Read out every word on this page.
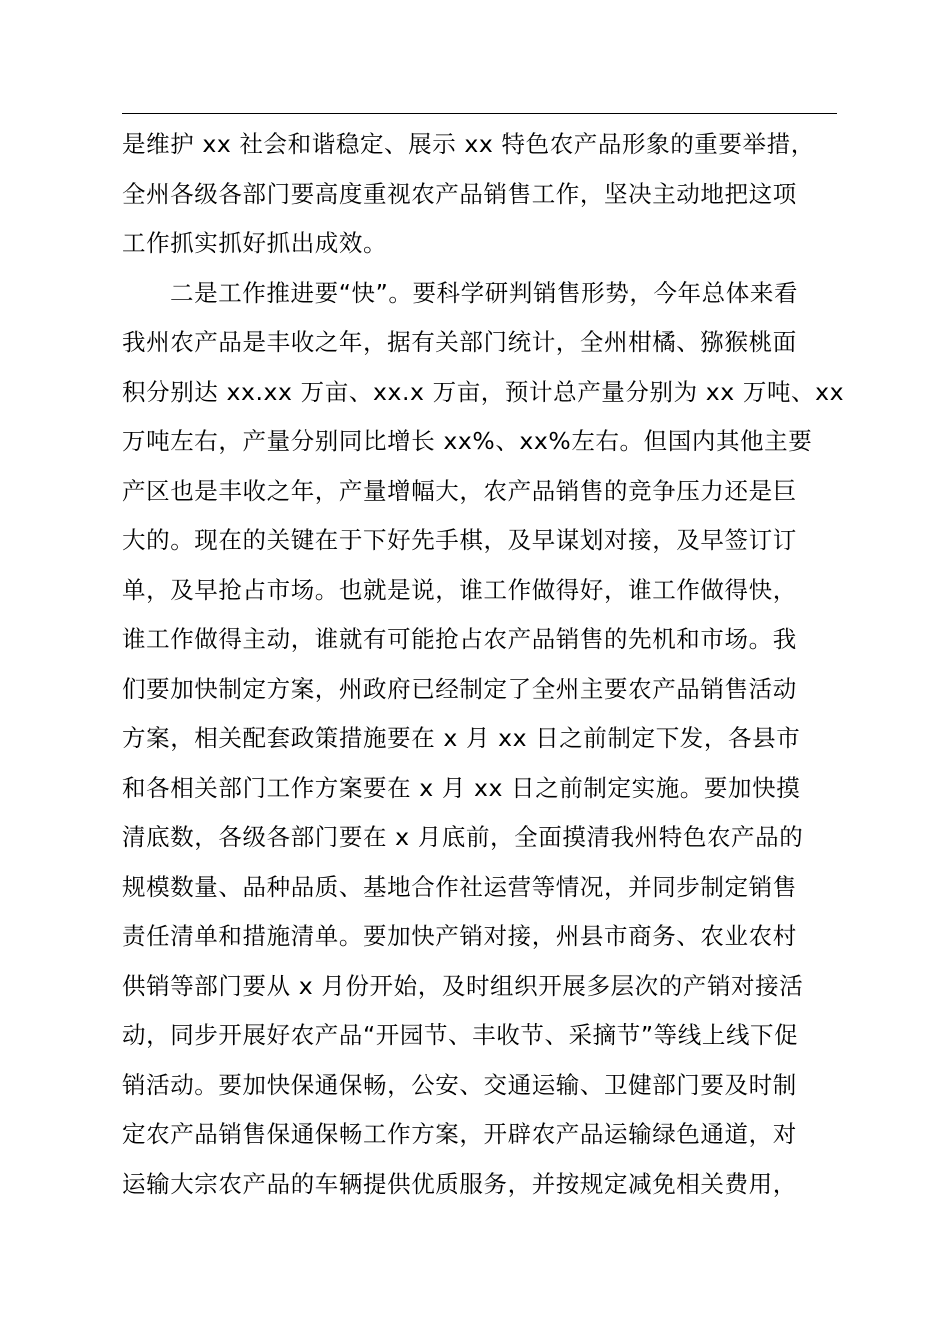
是维护 xx 社会和谐稳定、展示 xx 特色农产品形象的重要举措，
全州各级各部门要高度重视农产品销售工作，坚决主动地把这项
工作抓实抓好抓出成效。
二是工作推进要“快”。要科学研判销售形势，今年总体来看
我州农产品是丰收之年，据有关部门统计，全州柑橘、猕猴桃面
积分别达 xx.xx 万亩、xx.x 万亩，预计总产量分别为 xx 万吨、xx
万吨左右，产量分别同比增长 xx%、xx%左右。但国内其他主要
产区也是丰收之年，产量增幅大，农产品销售的竞争压力还是巨
大的。现在的关键在于下好先手棋，及早谋划对接，及早签订订
单，及早抢占市场。也就是说，谁工作做得好，谁工作做得快，
谁工作做得主动，谁就有可能抢占农产品销售的先机和市场。我
们要加快制定方案，州政府已经制定了全州主要农产品销售活动
方案，相关配套政策措施要在 x 月 xx 日之前制定下发，各县市
和各相关部门工作方案要在 x 月 xx 日之前制定实施。要加快摸
清底数，各级各部门要在 x 月底前，全面摸清我州特色农产品的
规模数量、品种品质、基地合作社运营等情况，并同步制定销售
责任清单和措施清单。要加快产销对接，州县市商务、农业农村
供销等部门要从 x 月份开始，及时组织开展多层次的产销对接活
动，同步开展好农产品“开园节、丰收节、采摘节”等线上线下促
销活动。要加快保通保畅，公安、交通运输、卫健部门要及时制
定农产品销售保通保畅工作方案，开辟农产品运输绿色通道，对
运输大宗农产品的车辆提供优质服务，并按规定减免相关费用，
